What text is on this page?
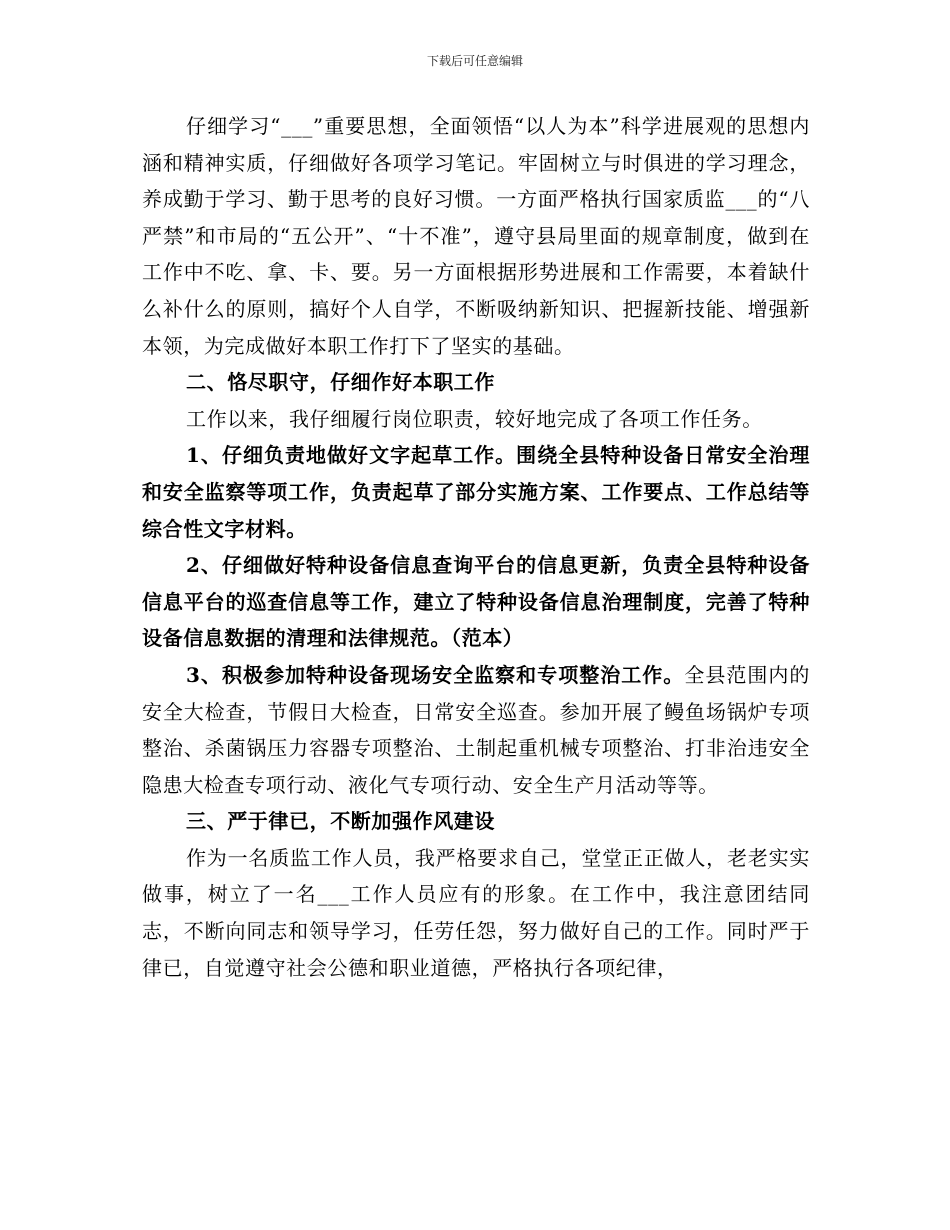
下载后可任意编辑

仔细学习“___”重要思想，全面领悟“以人为本”科学进展观的思想内涵和精神实质，仔细做好各项学习笔记。牢固树立与时俱进的学习理念，养成勤于学习、勤于思考的良好习惯。一方面严格执行国家质监___的“八严禁”和市局的“五公开”、“十不准”，遵守县局里面的规章制度，做到在工作中不吃、拿、卡、要。另一方面根据形势进展和工作需要，本着缺什么补什么的原则，搞好个人自学，不断吸纳新知识、把握新技能、增强新本领，为完成做好本职工作打下了坚实的基础。

二、恪尽职守，仔细作好本职工作

工作以来，我仔细履行岗位职责，较好地完成了各项工作任务。

1、仔细负责地做好文字起草工作。围绕全县特种设备日常安全治理和安全监察等项工作，负责起草了部分实施方案、工作要点、工作总结等综合性文字材料。

2、仔细做好特种设备信息查询平台的信息更新，负责全县特种设备信息平台的巡查信息等工作，建立了特种设备信息治理制度，完善了特种设备信息数据的清理和法律规范。（范本）

3、积极参加特种设备现场安全监察和专项整治工作。全县范围内的安全大检查，节假日大检查，日常安全巡查。参加开展了鳗鱼场锅炉专项整治、杀菌锅压力容器专项整治、土制起重机械专项整治、打非治违安全隐患大检查专项行动、液化气专项行动、安全生产月活动等等。

三、严于律已，不断加强作风建设

作为一名质监工作人员，我严格要求自己，堂堂正正做人，老老实实做事，树立了一名___工作人员应有的形象。在工作中，我注意团结同志，不断向同志和领导学习，任劳任怨，努力做好自己的工作。同时严于律已，自觉遵守社会公德和职业道德，严格执行各项纪律，
